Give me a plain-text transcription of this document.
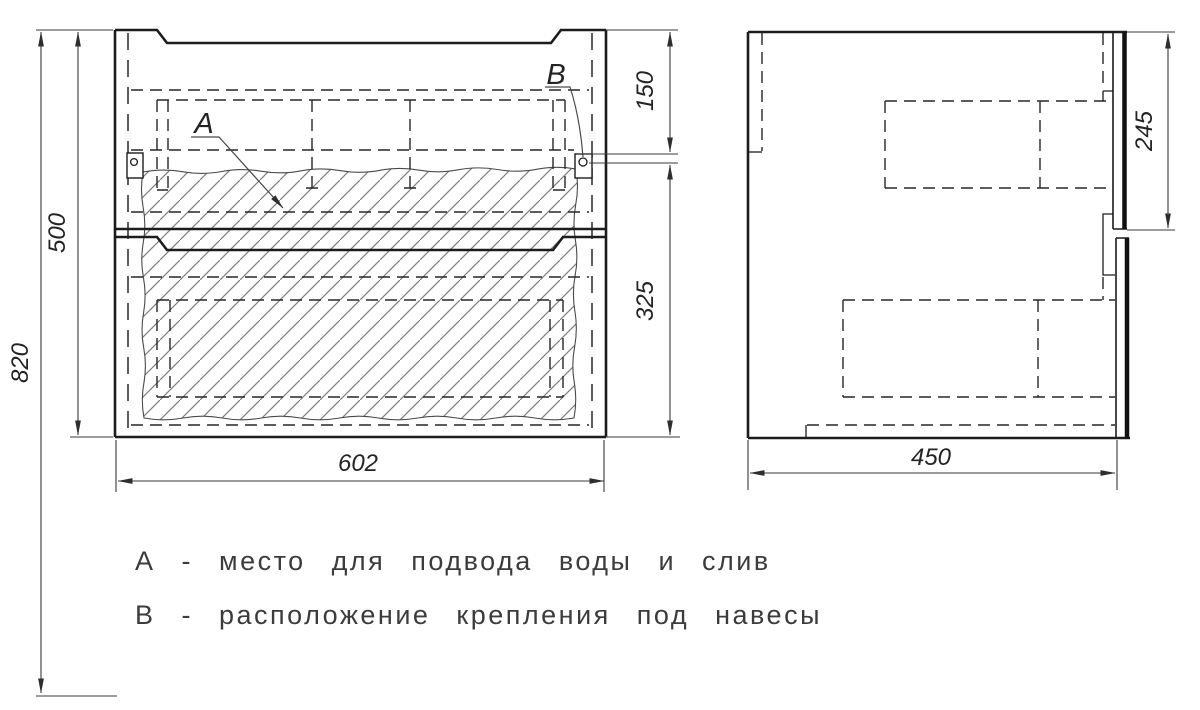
А
В
820
500
602
150
325
450
245
А - место для подвода воды и слив
В - расположение крепления под навесы
